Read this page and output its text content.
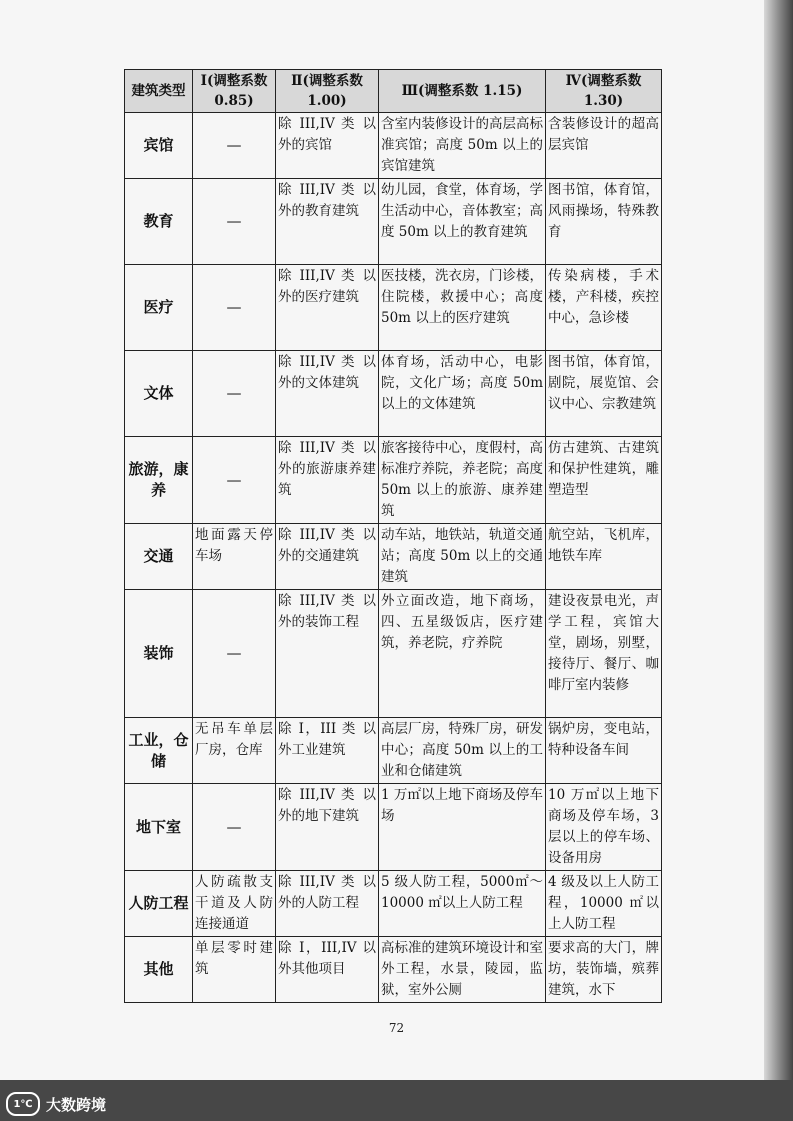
建筑类型	Ⅰ(调整系数 0.85)	Ⅱ(调整系数 1.00)	Ⅲ(调整系数 1.15)	Ⅳ(调整系数 1.30)
宾馆	—	除 III,IV 类 以外的宾馆	含室内装修设计的高层高标准宾馆；高度 50m 以上的宾馆建筑	含装修设计的超高层宾馆
教育	—	除 III,IV 类 以外的教育建筑	幼儿园，食堂，体育场，学生活动中心，音体教室；高度 50m 以上的教育建筑	图书馆，体育馆，风雨操场，特殊教育
医疗	—	除 III,IV 类 以外的医疗建筑	医技楼，洗衣房，门诊楼，住院楼，救援中心；高度 50m 以上的医疗建筑	传染病楼，手术楼，产科楼，疾控中心，急诊楼
文体	—	除 III,IV 类 以外的文体建筑	体育场，活动中心，电影院，文化广场；高度 50m 以上的文体建筑	图书馆，体育馆，剧院，展览馆、会议中心、宗教建筑
旅游，康养	—	除 III,IV 类 以外的旅游康养建筑	旅客接待中心，度假村，高标准疗养院，养老院；高度 50m 以上的旅游、康养建筑	仿古建筑、古建筑和保护性建筑，雕塑造型
交通	地面露天停车场	除 III,IV 类 以外的交通建筑	动车站，地铁站，轨道交通站；高度 50m 以上的交通建筑	航空站，飞机库，地铁车库
装饰	—	除 III,IV 类 以外的装饰工程	外立面改造，地下商场，四、五星级饭店，医疗建筑，养老院，疗养院	建设夜景电光，声学工程，宾馆大堂，剧场，别墅，接待厅、餐厅、咖啡厅室内装修
工业，仓储	无吊车单层厂房，仓库	除 I，III 类 以外工业建筑	高层厂房，特殊厂房，研发中心；高度 50m 以上的工业和仓储建筑	锅炉房，变电站，特种设备车间
地下室	—	除 III,IV 类 以外的地下建筑	1 万㎡以上地下商场及停车场	10 万㎡以上地下商场及停车场，3 层以上的停车场、设备用房
人防工程	人防疏散支干道及人防连接通道	除 III,IV 类 以外的人防工程	5 级人防工程，5000㎡～10000 ㎡以上人防工程	4 级及以上人防工程，10000 ㎡以上人防工程
其他	单层零时建筑	除 I，III,IV 以外其他项目	高标准的建筑环境设计和室外工程，水景，陵园，监狱，室外公厕	要求高的大门，牌坊，装饰墙，殡葬建筑，水下
72
1℃ 大数跨境
